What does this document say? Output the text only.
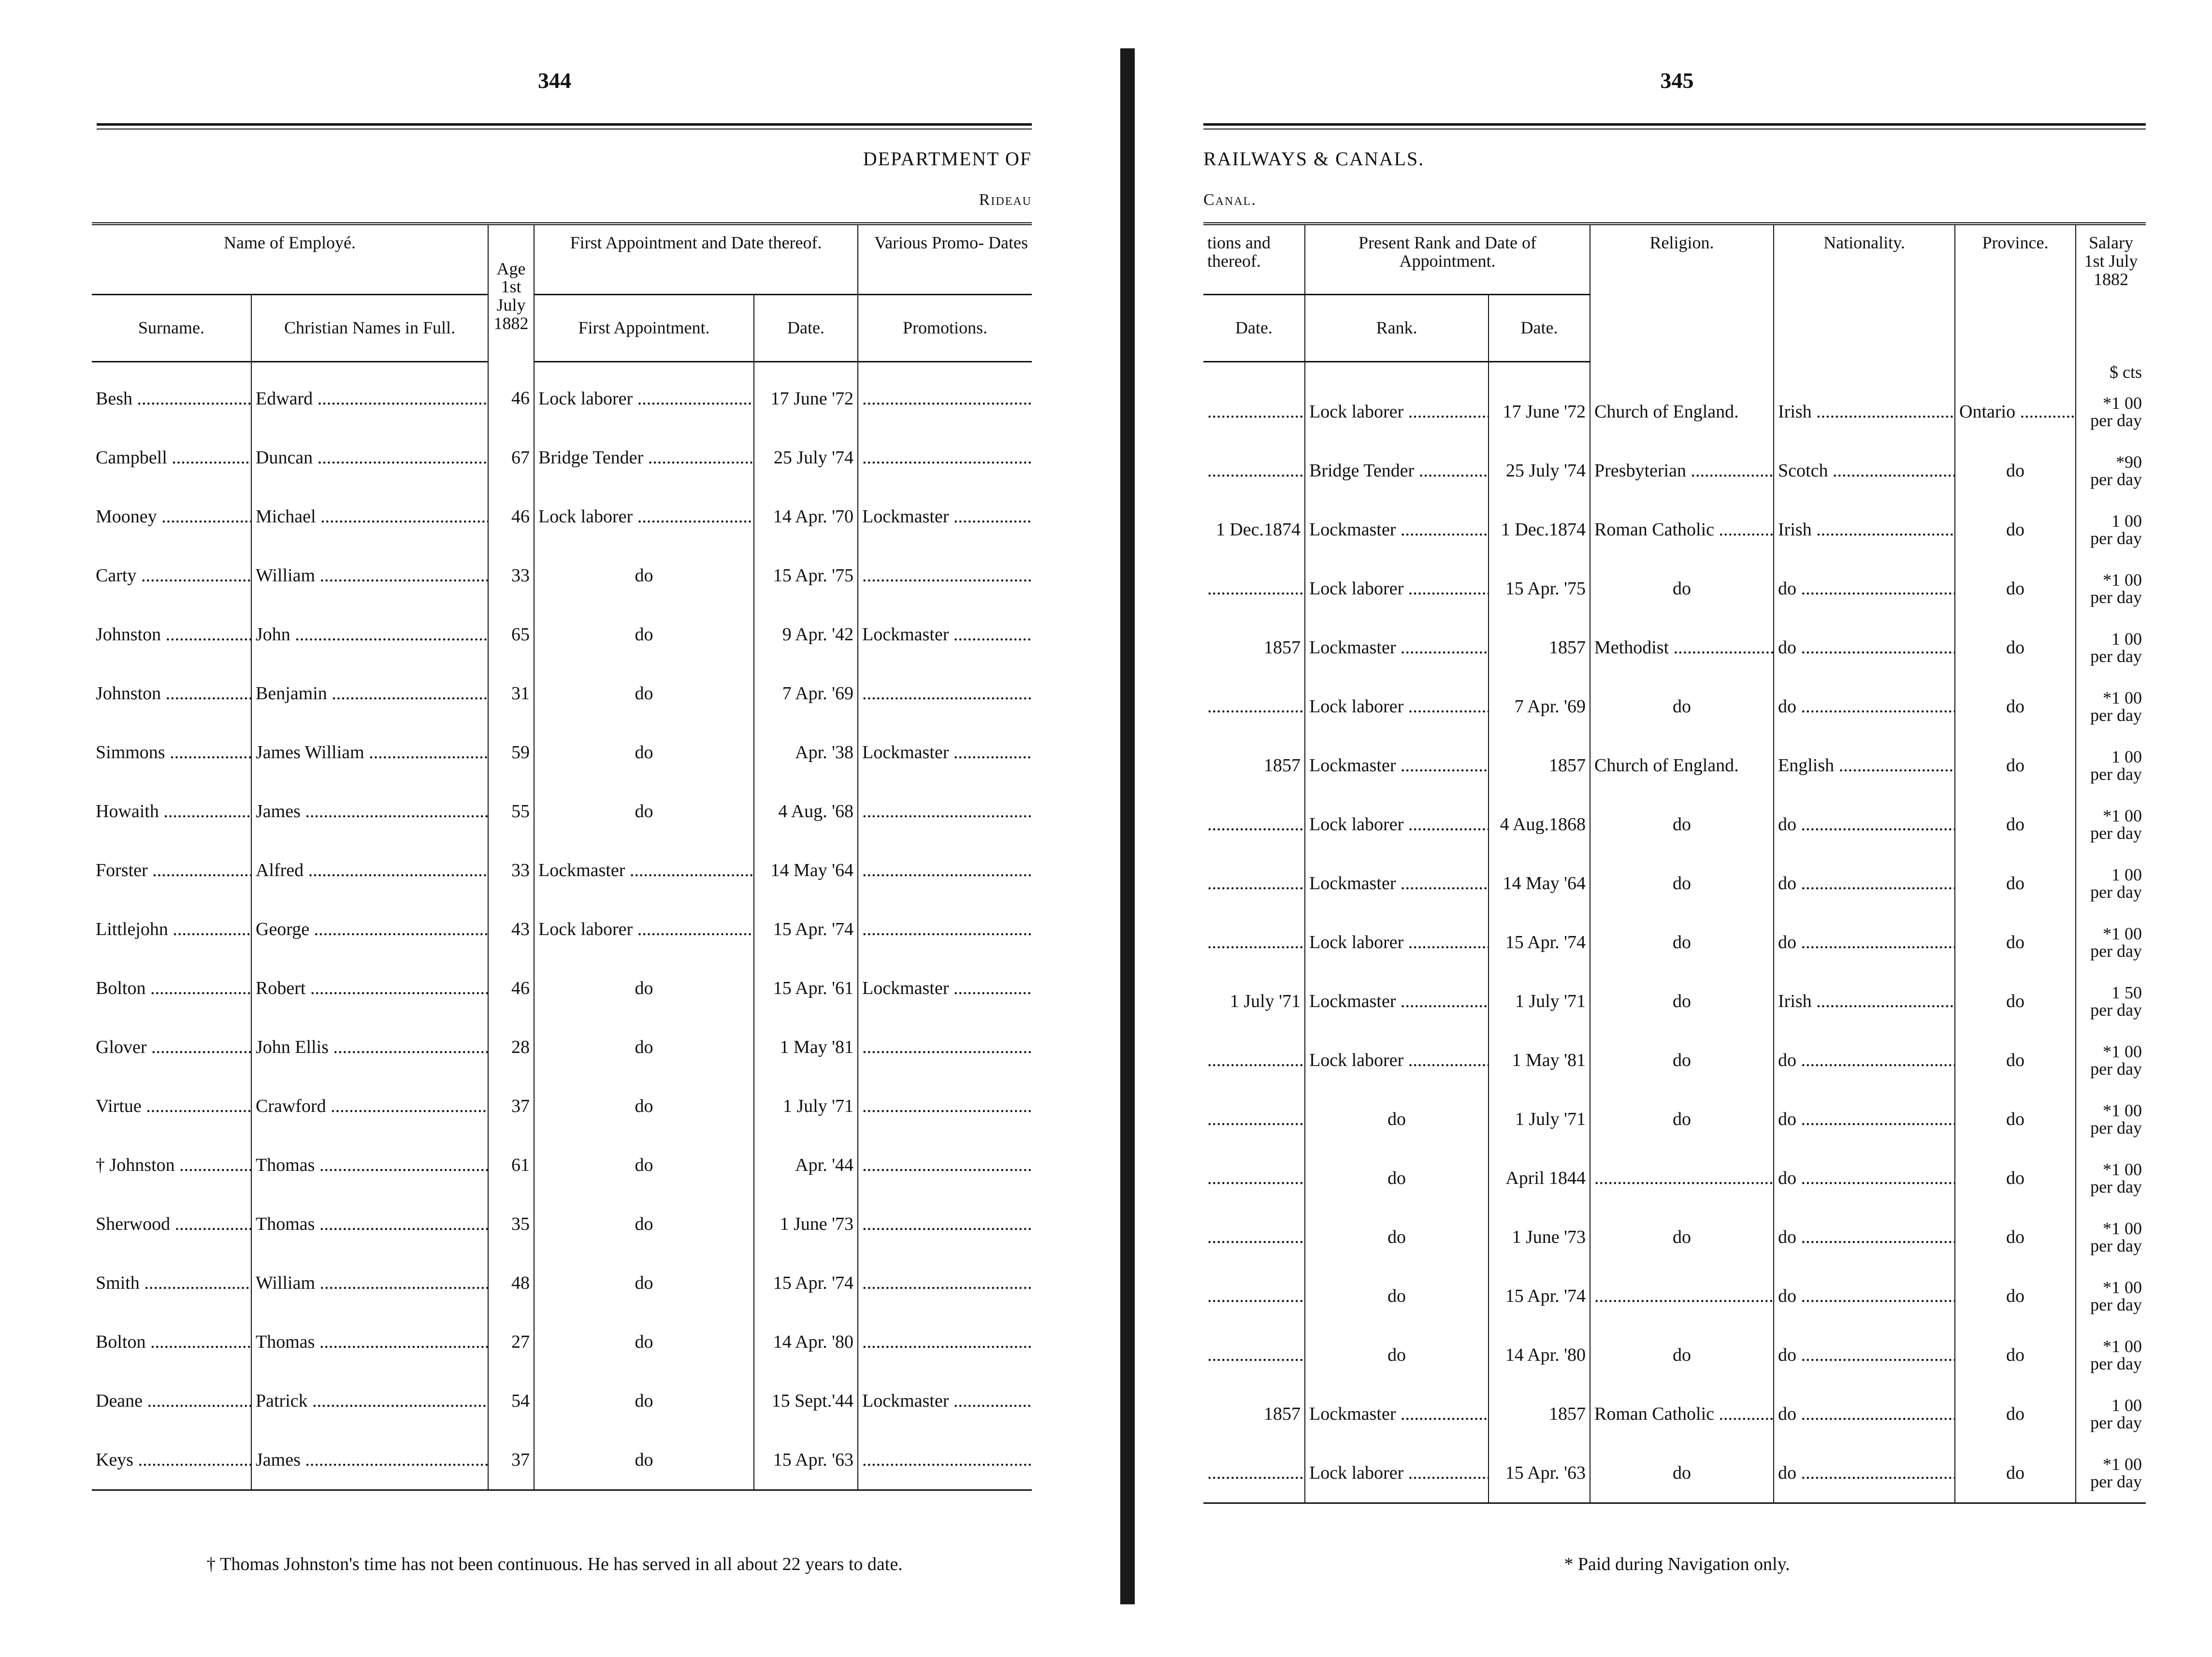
344
DEPARTMENT OF
Rideau
Name of Employé.		Age 1st July 1882	First Appointment and Date thereof.		Various Promo- Dates
Surname.	Christian Names in Full.		First Appointment.	Date.	Promotions.
Besh .....	Edward .....	46	Lock laborer .....	17 June '72	.....
Campbell .....	Duncan .....	67	Bridge Tender .....	25 July '74	.....
Mooney .....	Michael .....	46	Lock laborer .....	14 Apr. '70	Lockmaster .....
Carty .....	William .....	33	do	15 Apr. '75	.....
Johnston .....	John .....	65	do	9 Apr. '42	Lockmaster .....
Johnston .....	Benjamin .....	31	do	7 Apr. '69	.....
Simmons .....	James William .....	59	do	Apr. '38	Lockmaster .....
Howaith .....	James .....	55	do	4 Aug. '68	.....
Forster .....	Alfred .....	33	Lockmaster .....	14 May '64	.....
Littlejohn .....	George .....	43	Lock laborer .....	15 Apr. '74	.....
Bolton .....	Robert .....	46	do	15 Apr. '61	Lockmaster .....
Glover .....	John Ellis .....	28	do	1 May '81	.....
Virtue .....	Crawford .....	37	do	1 July '71	.....
† Johnston .....	Thomas .....	61	do	Apr. '44	.....
Sherwood .....	Thomas .....	35	do	1 June '73	.....
Smith .....	William .....	48	do	15 Apr. '74	.....
Bolton .....	Thomas .....	27	do	14 Apr. '80	.....
Deane .....	Patrick .....	54	do	15 Sept.'44	Lockmaster .....
Keys .....	James .....	37	do	15 Apr. '63	.....
† Thomas Johnston's time has not been continuous. He has served in all about 22 years to date.
345
RAILWAYS & CANALS.
Canal.
tions and thereof.	Present Rank and Date of Appointment.		Religion.	Nationality.	Province.	Salary 1st July 1882
Date.	Rank.	Date.				
						$ cts
.....	Lock laborer .....	17 June '72	Church of England.	Irish .....	Ontario .....	*1 00
per day

.....	Bridge Tender .....	25 July '74	Presbyterian .....	Scotch .....	do	*90
per day

1 Dec.1874	Lockmaster .....	1 Dec.1874	Roman Catholic .....	Irish .....	do	1 00
per day

.....	Lock laborer .....	15 Apr. '75	do	do .....	do	*1 00
per day

1857	Lockmaster .....	1857	Methodist .....	do .....	do	1 00
per day

.....	Lock laborer .....	7 Apr. '69	do	do .....	do	*1 00
per day

1857	Lockmaster .....	1857	Church of England.	English .....	do	1 00
per day

.....	Lock laborer .....	4 Aug.1868	do	do .....	do	*1 00
per day

.....	Lockmaster .....	14 May '64	do	do .....	do	1 00
per day

.....	Lock laborer .....	15 Apr. '74	do	do .....	do	*1 00
per day

1 July '71	Lockmaster .....	1 July '71	do	Irish .....	do	1 50
per day

.....	Lock laborer .....	1 May '81	do	do .....	do	*1 00
per day

.....	do	1 July '71	do	do .....	do	*1 00
per day

.....	do	April 1844	.....	do .....	do	*1 00
per day

.....	do	1 June '73	do	do .....	do	*1 00
per day

.....	do	15 Apr. '74	.....	do .....	do	*1 00
per day

.....	do	14 Apr. '80	do	do .....	do	*1 00
per day

1857	Lockmaster .....	1857	Roman Catholic .....	do .....	do	1 00
per day

.....	Lock laborer .....	15 Apr. '63	do	do .....	do	*1 00
per day
* Paid during Navigation only.
